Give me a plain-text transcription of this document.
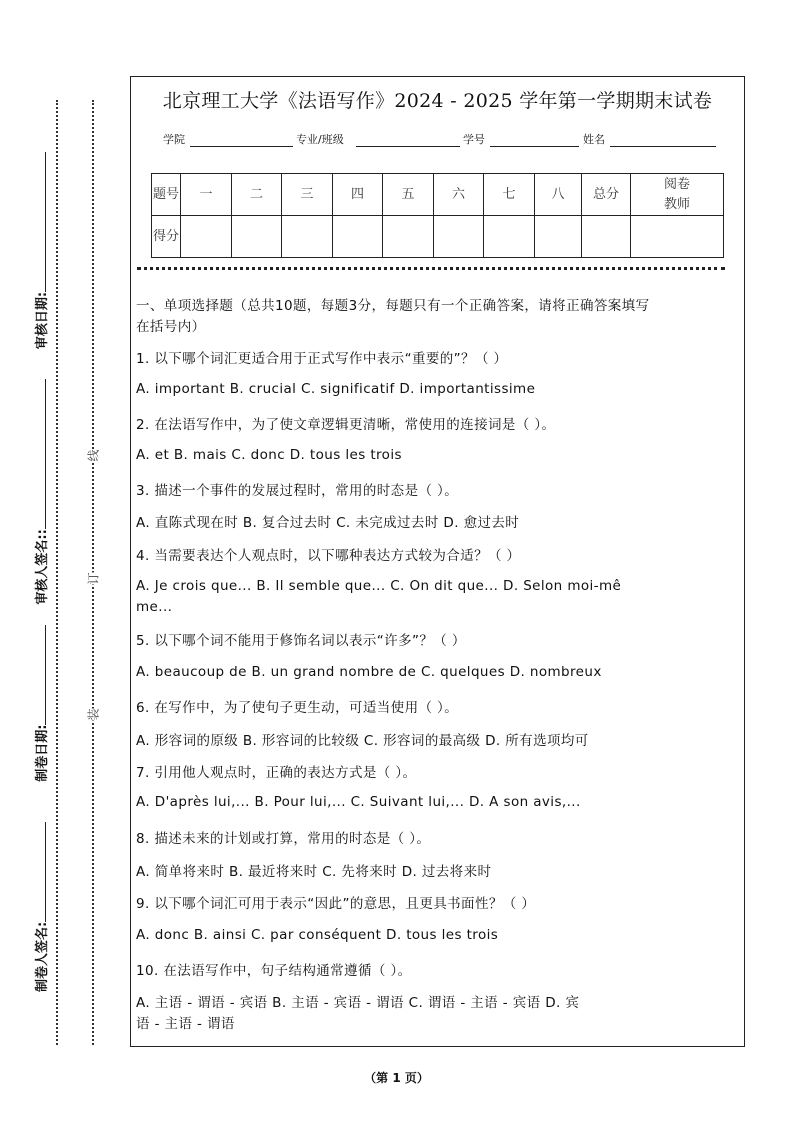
装
订
线
制卷人签名:
制卷日期:
审核人签名::
审核日期:
北京理工大学《法语写作》2024 - 2025 学年第一学期期末试卷
学院	专业/班级	学号	姓名
题号	一	二	三	四	五	六	七	八	总分	阅卷教师
得分										
一、单项选择题（总共10题，每题3分，每题只有一个正确答案，请将正确答案填写
在括号内）
1. 以下哪个词汇更适合用于正式写作中表示“重要的”？（ ）
A. important B. crucial C. significatif D. importantissime
2. 在法语写作中，为了使文章逻辑更清晰，常使用的连接词是（ ）。
A. et B. mais C. donc D. tous les trois
3. 描述一个事件的发展过程时，常用的时态是（ ）。
A. 直陈式现在时 B. 复合过去时 C. 未完成过去时 D. 愈过去时
4. 当需要表达个人观点时，以下哪种表达方式较为合适？（ ）
A. Je crois que... B. Il semble que... C. On dit que... D. Selon moi-mê
me...
5. 以下哪个词不能用于修饰名词以表示“许多”？（ ）
A. beaucoup de B. un grand nombre de C. quelques D. nombreux
6. 在写作中，为了使句子更生动，可适当使用（ ）。
A. 形容词的原级 B. 形容词的比较级 C. 形容词的最高级 D. 所有选项均可
7. 引用他人观点时，正确的表达方式是（ ）。
A. D'après lui,... B. Pour lui,... C. Suivant lui,... D. A son avis,...
8. 描述未来的计划或打算，常用的时态是（ ）。
A. 简单将来时 B. 最近将来时 C. 先将来时 D. 过去将来时
9. 以下哪个词汇可用于表示“因此”的意思，且更具书面性？（ ）
A. donc B. ainsi C. par conséquent D. tous les trois
10. 在法语写作中，句子结构通常遵循（ ）。
A. 主语 - 谓语 - 宾语 B. 主语 - 宾语 - 谓语 C. 谓语 - 主语 - 宾语 D. 宾
语 - 主语 - 谓语
（第 1 页）
